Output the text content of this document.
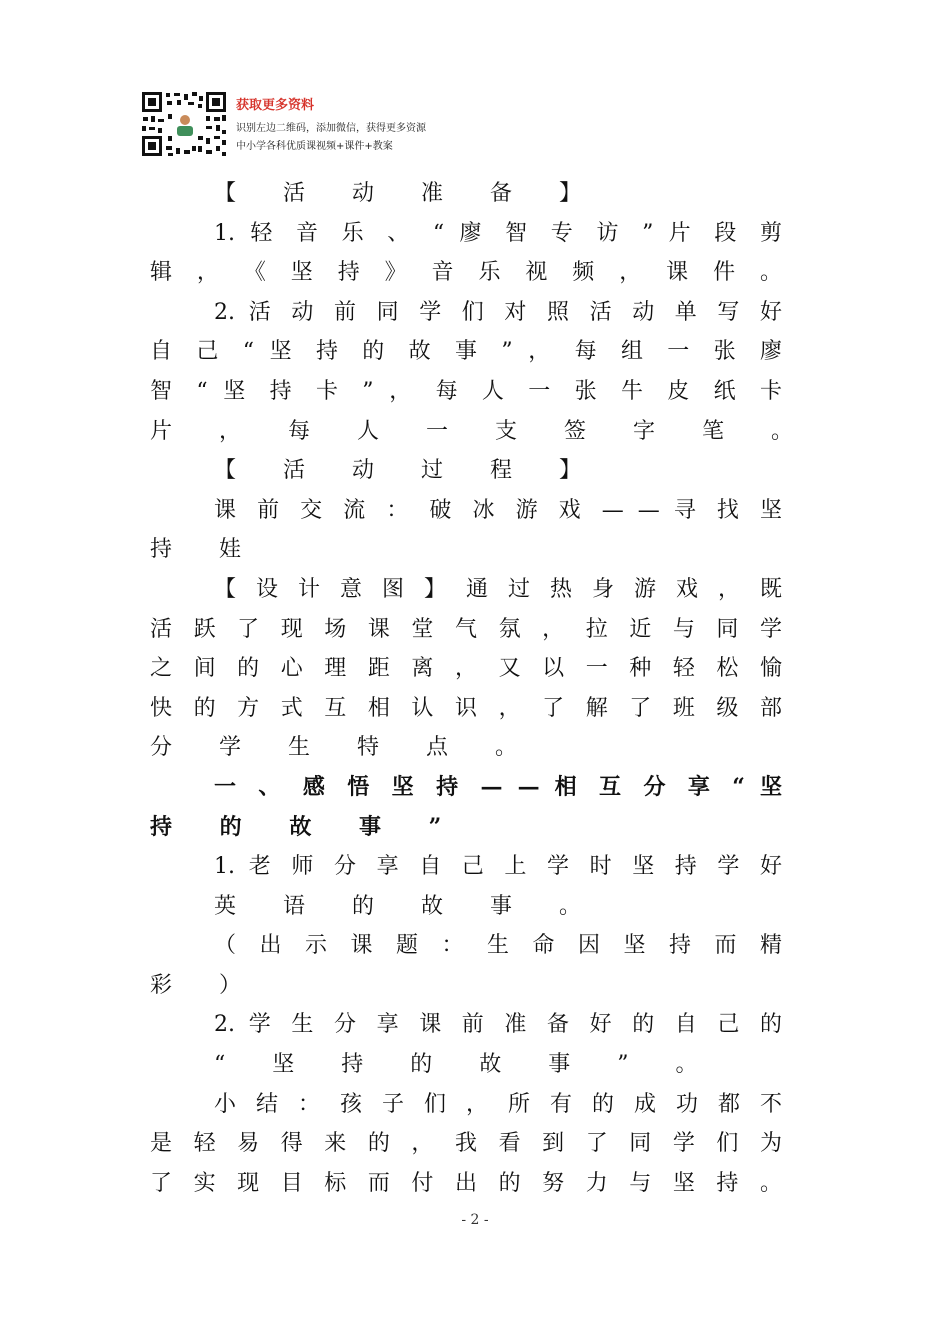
获取更多资料
识别左边二维码，添加微信，获得更多资源
中小学各科优质课视频+课件+教案
【 活 动 准 备 】
1. 轻 音 乐 、 “ 廖 智 专 访 ” 片 段 剪
辑 ， 《 坚 持 》 音 乐 视 频 ， 课 件 。
2. 活 动 前 同 学 们 对 照 活 动 单 写 好
自 己 “ 坚 持 的 故 事 ” ， 每 组 一 张 廖
智 “ 坚 持 卡 ” ， 每 人 一 张 牛 皮 纸 卡
片 ， 每 人 一 支 签 字 笔 。
【 活 动 过 程 】
课 前 交 流 ： 破 冰 游 戏 — — 寻 找 坚
持 娃
【 设 计 意 图 】 通 过 热 身 游 戏 ， 既
活 跃 了 现 场 课 堂 气 氛 ， 拉 近 与 同 学
之 间 的 心 理 距 离 ， 又 以 一 种 轻 松 愉
快 的 方 式 互 相 认 识 ， 了 解 了 班 级 部
分 学 生 特 点 。
一 、 感 悟 坚 持 — — 相 互 分 享 “ 坚
持 的 故 事 ”
1. 老 师 分 享 自 己 上 学 时 坚 持 学 好
英 语 的 故 事 。
（ 出 示 课 题 ： 生 命 因 坚 持 而 精
彩 ）
2. 学 生 分 享 课 前 准 备 好 的 自 己 的
“ 坚 持 的 故 事 ” 。
小 结 ： 孩 子 们 ， 所 有 的 成 功 都 不
是 轻 易 得 来 的 ， 我 看 到 了 同 学 们 为
了 实 现 目 标 而 付 出 的 努 力 与 坚 持 。
- 2 -
